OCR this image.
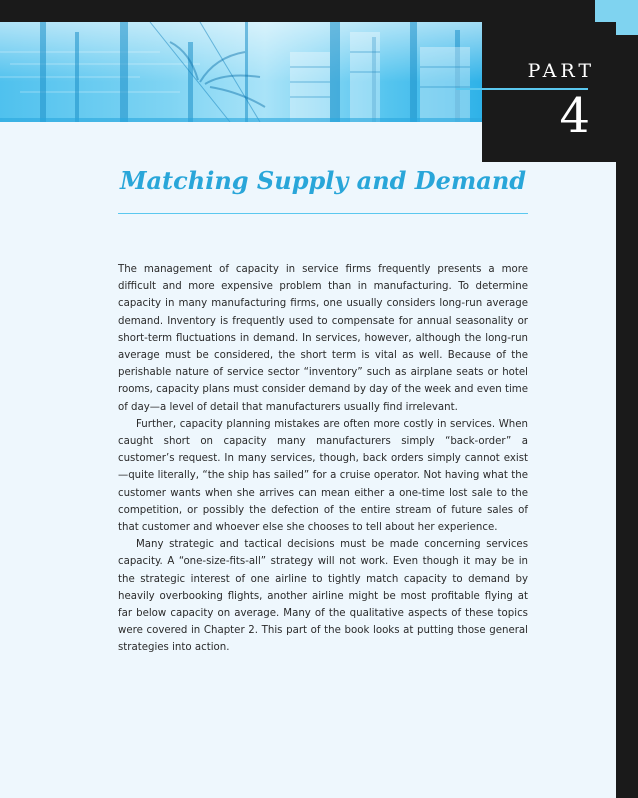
PART
4
Matching Supply and Demand

The management of capacity in service firms frequently presents a more difficult and more expensive problem than in manufacturing. To determine capacity in many manufacturing firms, one usually considers long-run average demand. Inventory is frequently used to compensate for annual seasonality or short-term fluctuations in demand. In services, however, although the long-run average must be considered, the short term is vital as well. Because of the perishable nature of service sector “inventory” such as airplane seats or hotel rooms, capacity plans must consider demand by day of the week and even time of day—a level of detail that manufacturers usually find irrelevant.

Further, capacity planning mistakes are often more costly in services. When caught short on capacity many manufacturers simply “back-order” a customer’s request. In many services, though, back orders simply cannot exist—quite literally, “the ship has sailed” for a cruise operator. Not having what the customer wants when she arrives can mean either a one-time lost sale to the competition, or possibly the defection of the entire stream of future sales of that customer and whoever else she chooses to tell about her experience.

Many strategic and tactical decisions must be made concerning services capacity. A “one-size-fits-all” strategy will not work. Even though it may be in the strategic interest of one airline to tightly match capacity to demand by heavily overbooking flights, another airline might be most profitable flying at far below capacity on average. Many of the qualitative aspects of these topics were covered in Chapter 2. This part of the book looks at putting those general strategies into action.
